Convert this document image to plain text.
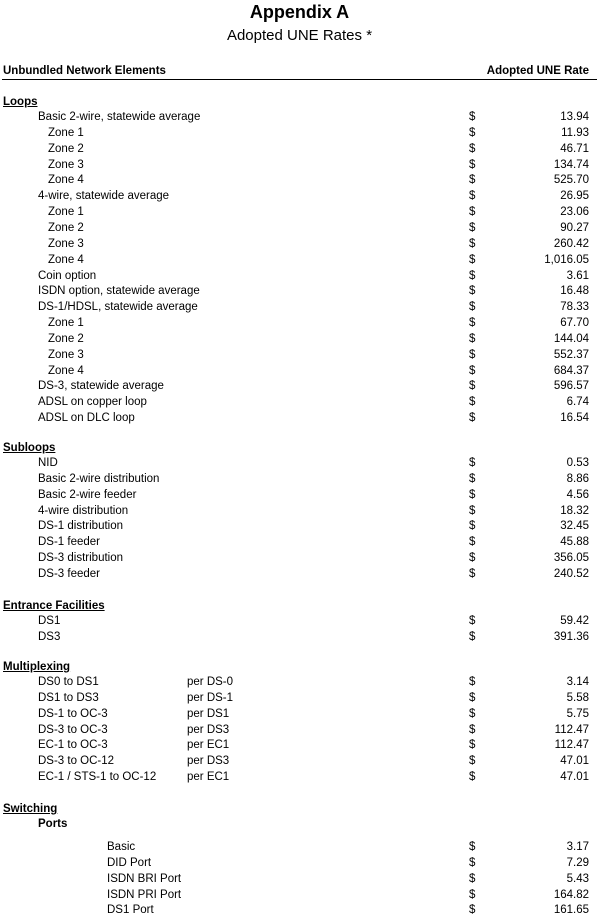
Appendix A
Adopted UNE Rates *
Unbundled Network Elements	Adopted UNE Rate
Loops
Basic 2-wire, statewide average	$	13.94
Zone 1	$	11.93
Zone 2	$	46.71
Zone 3	$	134.74
Zone 4	$	525.70
4-wire, statewide average	$	26.95
Zone 1	$	23.06
Zone 2	$	90.27
Zone 3	$	260.42
Zone 4	$	1,016.05
Coin option	$	3.61
ISDN option, statewide average	$	16.48
DS-1/HDSL, statewide average	$	78.33
Zone 1	$	67.70
Zone 2	$	144.04
Zone 3	$	552.37
Zone 4	$	684.37
DS-3, statewide average	$	596.57
ADSL on copper loop	$	6.74
ADSL on DLC loop	$	16.54
Subloops
NID	$	0.53
Basic 2-wire distribution	$	8.86
Basic 2-wire feeder	$	4.56
4-wire distribution	$	18.32
DS-1 distribution	$	32.45
DS-1 feeder	$	45.88
DS-3 distribution	$	356.05
DS-3 feeder	$	240.52
Entrance Facilities
DS1	$	59.42
DS3	$	391.36
Multiplexing
DS0 to DS1	per DS-0	$	3.14
DS1 to DS3	per DS-1	$	5.58
DS-1 to OC-3	per DS1	$	5.75
DS-3 to OC-3	per DS3	$	112.47
EC-1 to OC-3	per EC1	$	112.47
DS-3 to OC-12	per DS3	$	47.01
EC-1 / STS-1 to OC-12	per EC1	$	47.01
Switching
Ports
Basic	$	3.17
DID Port	$	7.29
ISDN BRI Port	$	5.43
ISDN PRI Port	$	164.82
DS1 Port	$	161.65
